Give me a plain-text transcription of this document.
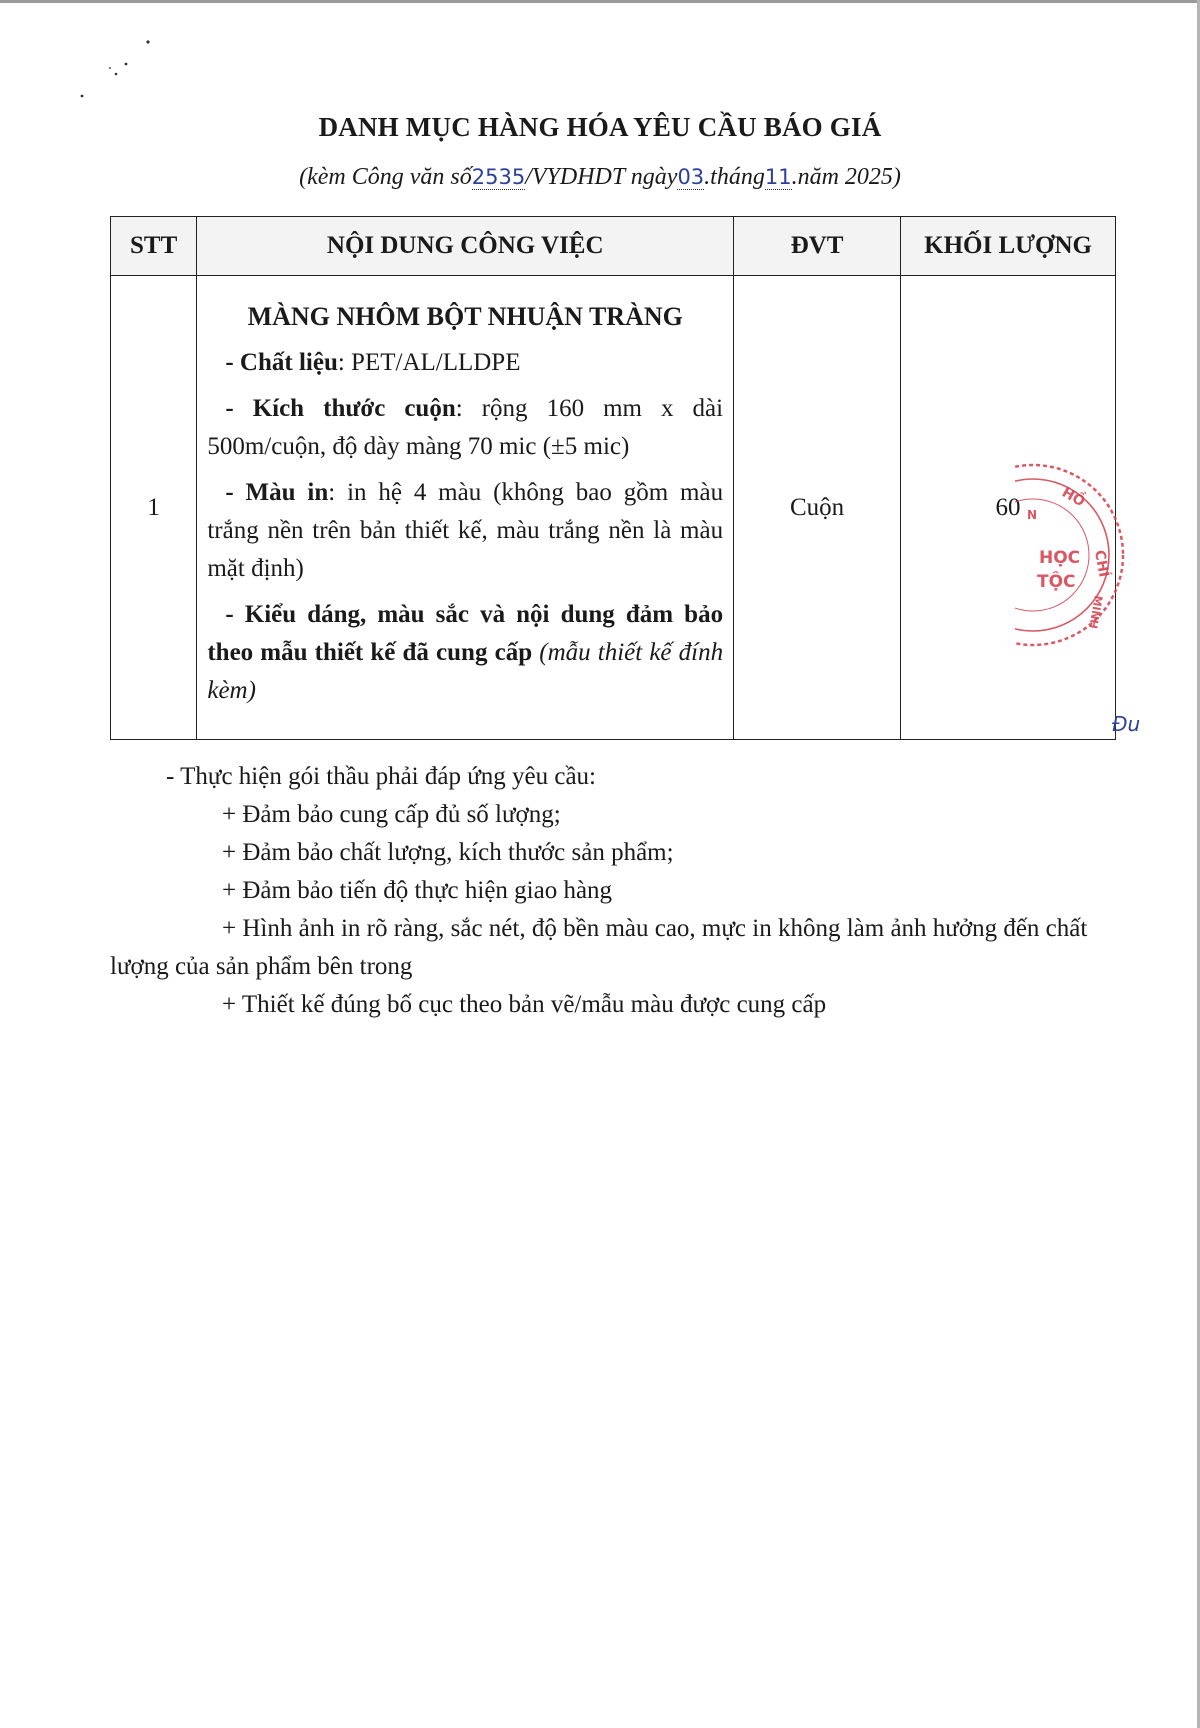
DANH MỤC HÀNG HÓA YÊU CẦU BÁO GIÁ
(kèm Công văn số2535/VYDHDT ngày03.tháng11.năm 2025)
STT	NỘI DUNG CÔNG VIỆC	ĐVT	KHỐI LƯỢNG
1	MÀNG NHÔM BỘT NHUẬN TRÀNG
- Chất liệu: PET/AL/LLDPE
- Kích thước cuộn: rộng 160 mm x dài 500m/cuộn, độ dày màng 70 mic (±5 mic)
- Màu in: in hệ 4 màu (không bao gồm màu trắng nền trên bản thiết kế, màu trắng nền là màu mặt định)
- Kiểu dáng, màu sắc và nội dung đảm bảo theo mẫu thiết kế đã cung cấp (mẫu thiết kế đính kèm)	Cuộn	60	HỒ
CHÍ
MINH
HỌC
TỘC
N
Đu
- Thực hiện gói thầu phải đáp ứng yêu cầu:
+ Đảm bảo cung cấp đủ số lượng;
+ Đảm bảo chất lượng, kích thước sản phẩm;
+ Đảm bảo tiến độ thực hiện giao hàng
+ Hình ảnh in rõ ràng, sắc nét, độ bền màu cao, mực in không làm ảnh hưởng đến chất lượng của sản phẩm bên trong
+ Thiết kế đúng bố cục theo bản vẽ/mẫu màu được cung cấp
